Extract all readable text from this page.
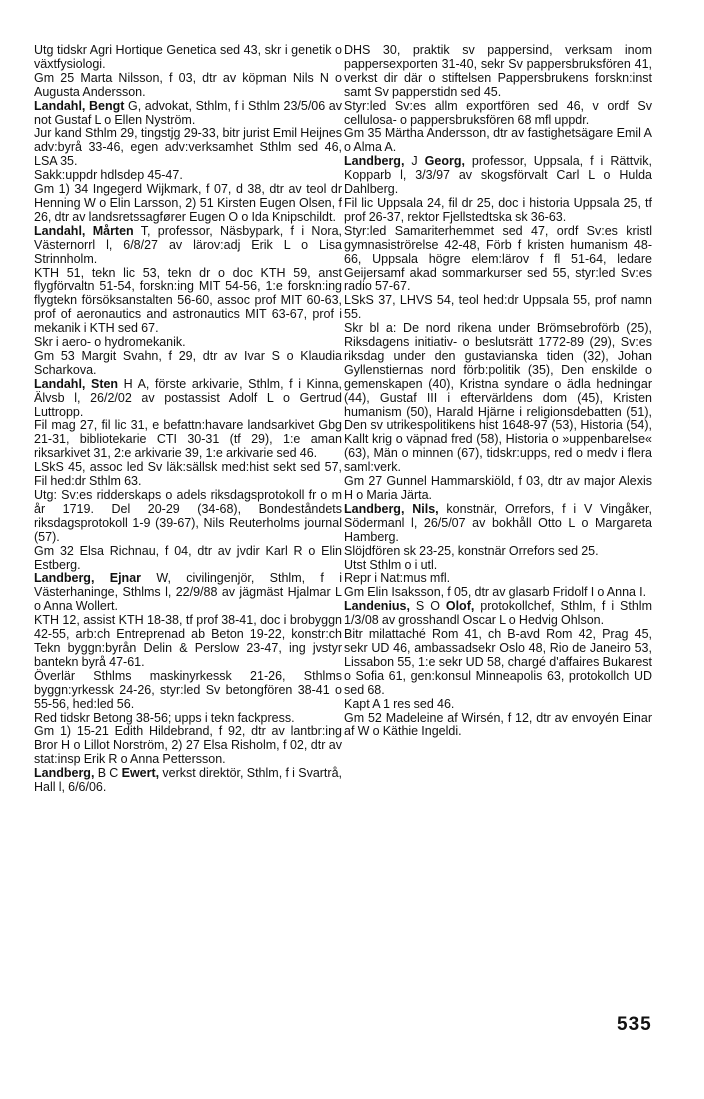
Utg tidskr Agri Hortique Genetica sed 43, skr i genetik o växtfysiologi.

Gm 25 Marta Nilsson, f 03, dtr av köpman Nils N o Augusta Andersson.

Landahl, Bengt G, advokat, Sthlm, f i Sthlm 23/5/06 av not Gustaf L o Ellen Nyström.

Jur kand Sthlm 29, tingstjg 29-33, bitr jurist Emil Heijnes adv:byrå 33-46, egen adv:verksamhet Sthlm sed 46, LSA 35.

Sakk:uppdr hdlsdep 45-47.

Gm 1) 34 Ingegerd Wijkmark, f 07, d 38, dtr av teol dr Henning W o Elin Larsson, 2) 51 Kirsten Eugen Olsen, f 26, dtr av landsretssagfører Eugen O o Ida Knipschildt.

Landahl, Mårten T, professor, Näsbypark, f i Nora, Västernorrl l, 6/8/27 av lärov:adj Erik L o Lisa Strinnholm.

KTH 51, tekn lic 53, tekn dr o doc KTH 59, anst flygförvaltn 51-54, forskn:ing MIT 54-56, 1:e forskn:ing flygtekn försöksanstalten 56-60, assoc prof MIT 60-63, prof of aeronautics and astronautics MIT 63-67, prof i mekanik i KTH sed 67.

Skr i aero- o hydromekanik.

Gm 53 Margit Svahn, f 29, dtr av Ivar S o Klaudia Scharkova.

Landahl, Sten H A, förste arkivarie, Sthlm, f i Kinna, Älvsb l, 26/2/02 av postassist Adolf L o Gertrud Luttropp.

Fil mag 27, fil lic 31, e befattn:havare landsarkivet Gbg 21-31, bibliotekarie CTI 30-31 (tf 29), 1:e aman riksarkivet 31, 2:e arkivarie 39, 1:e arkivarie sed 46.

LSkS 45, assoc led Sv läk:sällsk med:hist sekt sed 57, Fil hed:dr Sthlm 63.

Utg: Sv:es ridderskaps o adels riksdagsprotokoll fr o m år 1719. Del 20-29 (34-68), Bondeståndets riksdagsprotokoll 1-9 (39-67), Nils Reuterholms journal (57).

Gm 32 Elsa Richnau, f 04, dtr av jvdir Karl R o Elin Estberg.

Landberg, Ejnar W, civilingenjör, Sthlm, f i Västerhaninge, Sthlms l, 22/9/88 av jägmäst Hjalmar L o Anna Wollert.

KTH 12, assist KTH 18-38, tf prof 38-41, doc i brobyggn 42-55, arb:ch Entreprenad ab Beton 19-22, konstr:ch Tekn byggn:byrån Delin & Perslow 23-47, ing jvstyr bantekn byrå 47-61.

Överlär Sthlms maskinyrkessk 21-26, Sthlms byggn:yrkessk 24-26, styr:led Sv betongfören 38-41 o 55-56, hed:led 56.

Red tidskr Betong 38-56; upps i tekn fackpress.

Gm 1) 15-21 Edith Hildebrand, f 92, dtr av lantbr:ing Bror H o Lillot Norström, 2) 27 Elsa Risholm, f 02, dtr av stat:insp Erik R o Anna Pettersson.

Landberg, B C Ewert, verkst direktör, Sthlm, f i Svartrå, Hall l, 6/6/06.

DHS 30, praktik sv pappersind, verksam inom pappersexporten 31-40, sekr Sv pappersbruksfören 41, verkst dir där o stiftelsen Pappersbrukens forskn:inst samt Sv papperstidn sed 45.

Styr:led Sv:es allm exportfören sed 46, v ordf Sv cellulosa- o pappersbruksfören 68 mfl uppdr.

Gm 35 Märtha Andersson, dtr av fastighetsägare Emil A o Alma A.

Landberg, J Georg, professor, Uppsala, f i Rättvik, Kopparb l, 3/3/97 av skogsförvalt Carl L o Hulda Dahlberg.

Fil lic Uppsala 24, fil dr 25, doc i historia Uppsala 25, tf prof 26-37, rektor Fjellstedtska sk 36-63.

Styr:led Samariterhemmet sed 47, ordf Sv:es kristl gymnasiströrelse 42-48, Förb f kristen humanism 48-66, Uppsala högre elem:lärov f fl 51-64, ledare Geijersamf akad sommarkurser sed 55, styr:led Sv:es radio 57-67.

LSkS 37, LHVS 54, teol hed:dr Uppsala 55, prof namn 55.

Skr bl a: De nord rikena under Brömsebroförb (25), Riksdagens initiativ- o beslutsrätt 1772-89 (29), Sv:es riksdag under den gustavianska tiden (32), Johan Gyllenstiernas nord förb:politik (35), Den enskilde o gemenskapen (40), Kristna syndare o ädla hedningar (44), Gustaf III i eftervärldens dom (45), Kristen humanism (50), Harald Hjärne i religionsdebatten (51), Den sv utrikespolitikens hist 1648-97 (53), Historia (54), Kallt krig o väpnad fred (58), Historia o »uppenbarelse« (63), Män o minnen (67), tidskr:upps, red o medv i flera saml:verk.

Gm 27 Gunnel Hammarskiöld, f 03, dtr av major Alexis H o Maria Järta.

Landberg, Nils, konstnär, Orrefors, f i V Vingåker, Södermanl l, 26/5/07 av bokhåll Otto L o Margareta Hamberg.

Slöjdfören sk 23-25, konstnär Orrefors sed 25.

Utst Sthlm o i utl.

Repr i Nat:mus mfl.

Gm Elin Isaksson, f 05, dtr av glasarb Fridolf I o Anna I.

Landenius, S O Olof, protokollchef, Sthlm, f i Sthlm 1/3/08 av grosshandl Oscar L o Hedvig Ohlson.

Bitr milattaché Rom 41, ch B-avd Rom 42, Prag 45, sekr UD 46, ambassadsekr Oslo 48, Rio de Janeiro 53, Lissabon 55, 1:e sekr UD 58, chargé d'affaires Bukarest o Sofia 61, gen:konsul Minneapolis 63, protokollch UD sed 68.

Kapt A 1 res sed 46.

Gm 52 Madeleine af Wirsén, f 12, dtr av envoyén Einar af W o Käthie Ingeldi.

535
